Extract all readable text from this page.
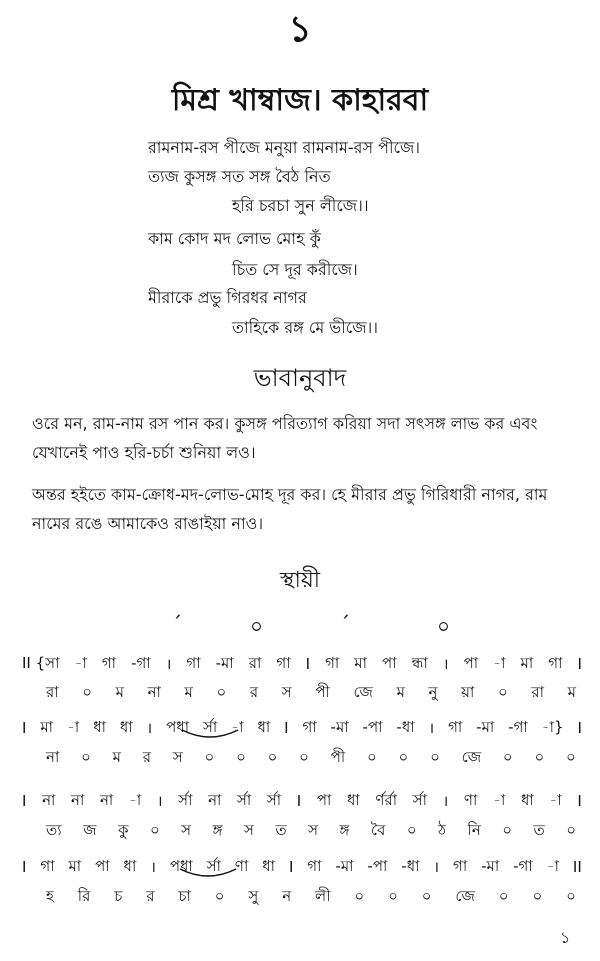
১
মিশ্র খাম্বাজ। কাহারবা
রামনাম-রস পীজে মনুয়া রামনাম-রস পীজে।
ত্যজ কুসঙ্গ সত সঙ্গ বৈঠ নিত
হরি চরচা সুন লীজে।।
কাম কোদ মদ লোভ মোহ কুঁ
চিত সে দূর করীজে।
মীরাকে প্রভু গিরধর নাগর
তাহিকে রঙ্গ মে ভীজে।।
ভাবানুবাদ
ওরে মন, রাম-নাম রস পান কর। কুসঙ্গ পরিত্যাগ করিয়া সদা সৎসঙ্গ লাভ কর এবং যেখানেই পাও হরি-চর্চা শুনিয়া লও।
অন্তর হইতে কাম-ক্রোধ-মদ-লোভ-মোহ দূর কর। হে মীরার প্রভু গিরিধারী নাগর, রাম নামের রঙে আমাকেও রাঙাইয়া নাও।
স্থায়ী
ˊ	০	ˊ	০
II {সা -া গা -গা । গা -মা রা গা I গা মা পা ন্ধা । পা -া মা গা I
রা ০ ম না ম ০ র স পী জে ম নু য়া ০ রা ম
I মা -া ধা ধা । পধা র্সা -া ধা I গা -মা -পা -ধা । গা -মা -গা -া} I
না ০ ম র স ০ ০ ০ ০ পী ০ ০ ০ জে ০ ০ ০
I না না না -া । র্সা না র্সা র্সা I পা ধা র্ণর্রা র্সা । ণা -া ধা -া I
ত্য জ কু ০ স ঙ্গ স ত স ঙ্গ বৈ ০ ঠ নি ০ ত ০
I গা মা পা ধা । পধা র্সা ণা ধা I গা -মা -পা -ধা । গা -মা -গা -া II
হ রি চ র চা ০ সু ন লী ০ ০ ০ জে ০ ০ ০
১
